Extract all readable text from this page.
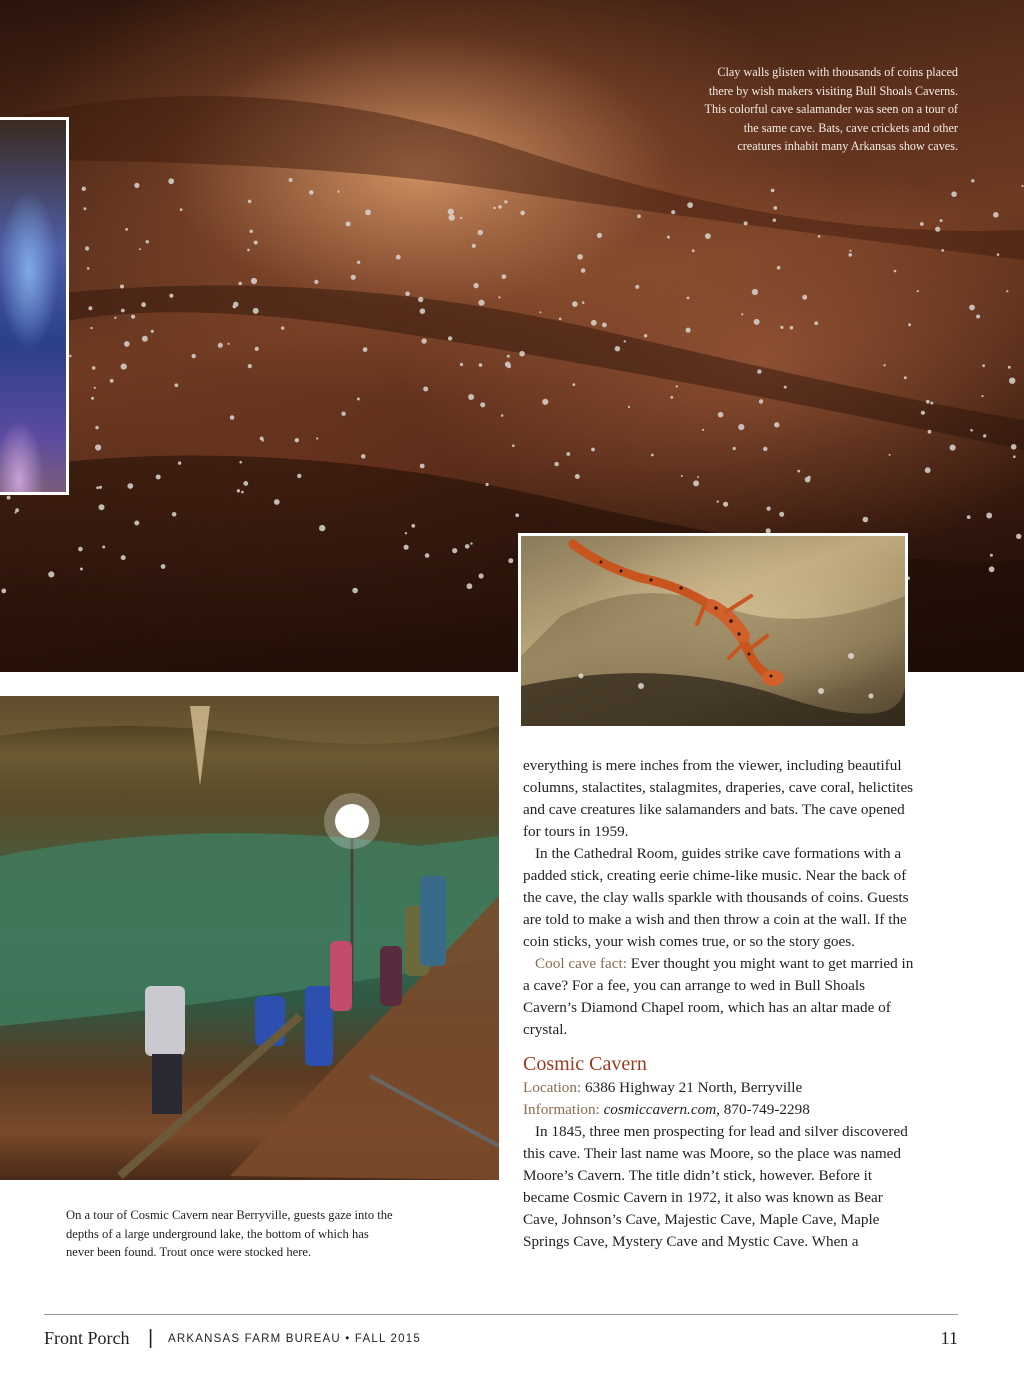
Clay walls glisten with thousands of coins placed there by wish makers visiting Bull Shoals Caverns. This colorful cave salamander was seen on a tour of the same cave. Bats, cave crickets and other creatures inhabit many Arkansas show caves.
On a tour of Cosmic Cavern near Berryville, guests gaze into the depths of a large underground lake, the bottom of which has never been found. Trout once were stocked here.

everything is mere inches from the viewer, including beautiful columns, stalactites, stalagmites, draperies, cave coral, helictites and cave creatures like salamanders and bats. The cave opened for tours in 1959.

In the Cathedral Room, guides strike cave formations with a padded stick, creating eerie chime-like music. Near the back of the cave, the clay walls sparkle with thousands of coins. Guests are told to make a wish and then throw a coin at the wall. If the coin sticks, your wish comes true, or so the story goes.

Cool cave fact: Ever thought you might want to get married in a cave? For a fee, you can arrange to wed in Bull Shoals Cavern’s Diamond Chapel room, which has an altar made of crystal.

Cosmic Cavern

Location: 6386 Highway 21 North, Berryville

Information: cosmiccavern.com, 870-749-2298

In 1845, three men prospecting for lead and silver discovered this cave. Their last name was Moore, so the place was named Moore’s Cavern. The title didn’t stick, however. Before it became Cosmic Cavern in 1972, it also was known as Bear Cave, Johnson’s Cave, Majestic Cave, Maple Cave, Maple Springs Cave, Mystery Cave and Mystic Cave. When a

Front Porch | ARKANSAS FARM BUREAU • FALL 2015	11
